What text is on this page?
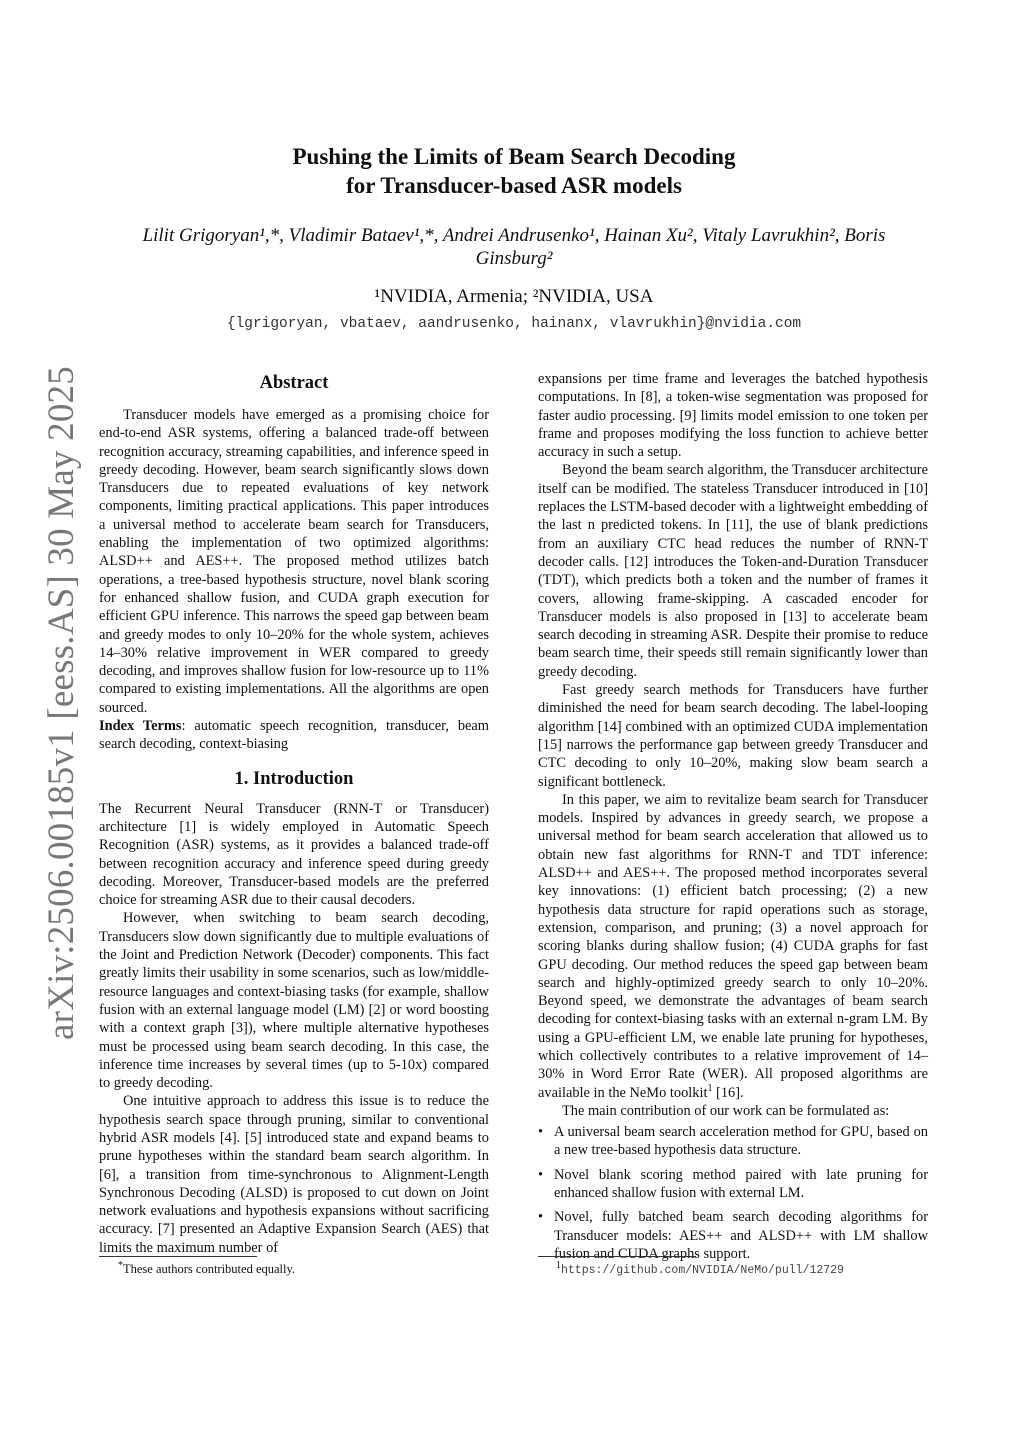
arXiv:2506.00185v1 [eess.AS] 30 May 2025
Pushing the Limits of Beam Search Decoding
for Transducer-based ASR models
Lilit Grigoryan¹,*, Vladimir Bataev¹,*, Andrei Andrusenko¹, Hainan Xu², Vitaly Lavrukhin², Boris
Ginsburg²
¹NVIDIA, Armenia; ²NVIDIA, USA
{lgrigoryan, vbataev, aandrusenko, hainanx, vlavrukhin}@nvidia.com
Abstract

Transducer models have emerged as a promising choice for end-to-end ASR systems, offering a balanced trade-off between recognition accuracy, streaming capabilities, and inference speed in greedy decoding. However, beam search significantly slows down Transducers due to repeated evaluations of key network components, limiting practical applications. This paper introduces a universal method to accelerate beam search for Transducers, enabling the implementation of two optimized algorithms: ALSD++ and AES++. The proposed method utilizes batch operations, a tree-based hypothesis structure, novel blank scoring for enhanced shallow fusion, and CUDA graph execution for efficient GPU inference. This narrows the speed gap between beam and greedy modes to only 10–20% for the whole system, achieves 14–30% relative improvement in WER compared to greedy decoding, and improves shallow fusion for low-resource up to 11% compared to existing implementations. All the algorithms are open sourced.

Index Terms: automatic speech recognition, transducer, beam search decoding, context-biasing

1. Introduction

The Recurrent Neural Transducer (RNN-T or Transducer) architecture [1] is widely employed in Automatic Speech Recognition (ASR) systems, as it provides a balanced trade-off between recognition accuracy and inference speed during greedy decoding. Moreover, Transducer-based models are the preferred choice for streaming ASR due to their causal decoders.

However, when switching to beam search decoding, Transducers slow down significantly due to multiple evaluations of the Joint and Prediction Network (Decoder) components. This fact greatly limits their usability in some scenarios, such as low/middle-resource languages and context-biasing tasks (for example, shallow fusion with an external language model (LM) [2] or word boosting with a context graph [3]), where multiple alternative hypotheses must be processed using beam search decoding. In this case, the inference time increases by several times (up to 5-10x) compared to greedy decoding.

One intuitive approach to address this issue is to reduce the hypothesis search space through pruning, similar to conventional hybrid ASR models [4]. [5] introduced state and expand beams to prune hypotheses within the standard beam search algorithm. In [6], a transition from time-synchronous to Alignment-Length Synchronous Decoding (ALSD) is proposed to cut down on Joint network evaluations and hypothesis expansions without sacrificing accuracy. [7] presented an Adaptive Expansion Search (AES) that limits the maximum number of

expansions per time frame and leverages the batched hypothesis computations. In [8], a token-wise segmentation was proposed for faster audio processing. [9] limits model emission to one token per frame and proposes modifying the loss function to achieve better accuracy in such a setup.

Beyond the beam search algorithm, the Transducer architecture itself can be modified. The stateless Transducer introduced in [10] replaces the LSTM-based decoder with a lightweight embedding of the last n predicted tokens. In [11], the use of blank predictions from an auxiliary CTC head reduces the number of RNN-T decoder calls. [12] introduces the Token-and-Duration Transducer (TDT), which predicts both a token and the number of frames it covers, allowing frame-skipping. A cascaded encoder for Transducer models is also proposed in [13] to accelerate beam search decoding in streaming ASR. Despite their promise to reduce beam search time, their speeds still remain significantly lower than greedy decoding.

Fast greedy search methods for Transducers have further diminished the need for beam search decoding. The label-looping algorithm [14] combined with an optimized CUDA implementation [15] narrows the performance gap between greedy Transducer and CTC decoding to only 10–20%, making slow beam search a significant bottleneck.

In this paper, we aim to revitalize beam search for Transducer models. Inspired by advances in greedy search, we propose a universal method for beam search acceleration that allowed us to obtain new fast algorithms for RNN-T and TDT inference: ALSD++ and AES++. The proposed method incorporates several key innovations: (1) efficient batch processing; (2) a new hypothesis data structure for rapid operations such as storage, extension, comparison, and pruning; (3) a novel approach for scoring blanks during shallow fusion; (4) CUDA graphs for fast GPU decoding. Our method reduces the speed gap between beam search and highly-optimized greedy search to only 10–20%. Beyond speed, we demonstrate the advantages of beam search decoding for context-biasing tasks with an external n-gram LM. By using a GPU-efficient LM, we enable late pruning for hypotheses, which collectively contributes to a relative improvement of 14–30% in Word Error Rate (WER). All proposed algorithms are available in the NeMo toolkit$^1$ [16].

The main contribution of our work can be formulated as:

• A universal beam search acceleration method for GPU, based on a new tree-based hypothesis data structure.
• Novel blank scoring method paired with late pruning for enhanced shallow fusion with external LM.
• Novel, fully batched beam search decoding algorithms for Transducer models: AES++ and ALSD++ with LM shallow fusion and CUDA graphs support.
*These authors contributed equally.	$^1$https://github.com/NVIDIA/NeMo/pull/12729
